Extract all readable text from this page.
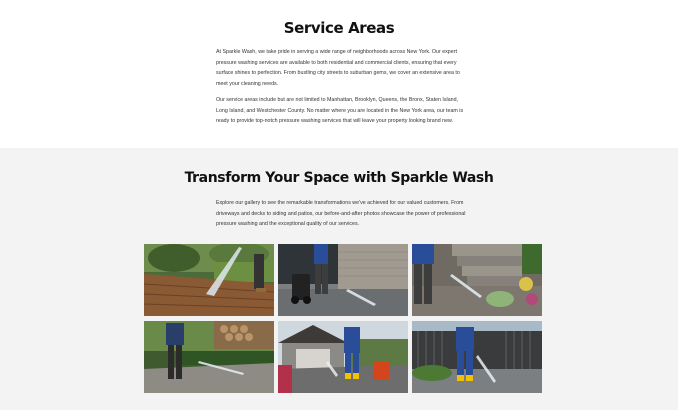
Service Areas

At Sparkle Wash, we take pride in serving a wide range of neighborhoods across New York. Our expert pressure washing services are available to both residential and commercial clients, ensuring that every surface shines to perfection. From bustling city streets to suburban gems, we cover an extensive area to meet your cleaning needs.

Our service areas include but are not limited to Manhattan, Brooklyn, Queens, the Bronx, Staten Island, Long Island, and Westchester County. No matter where you are located in the New York area, our team is ready to provide top-notch pressure washing services that will leave your property looking brand new.

Transform Your Space with Sparkle Wash

Explore our gallery to see the remarkable transformations we've achieved for our valued customers. From driveways and decks to siding and patios, our before-and-after photos showcase the power of professional pressure washing and the exceptional quality of our services.
